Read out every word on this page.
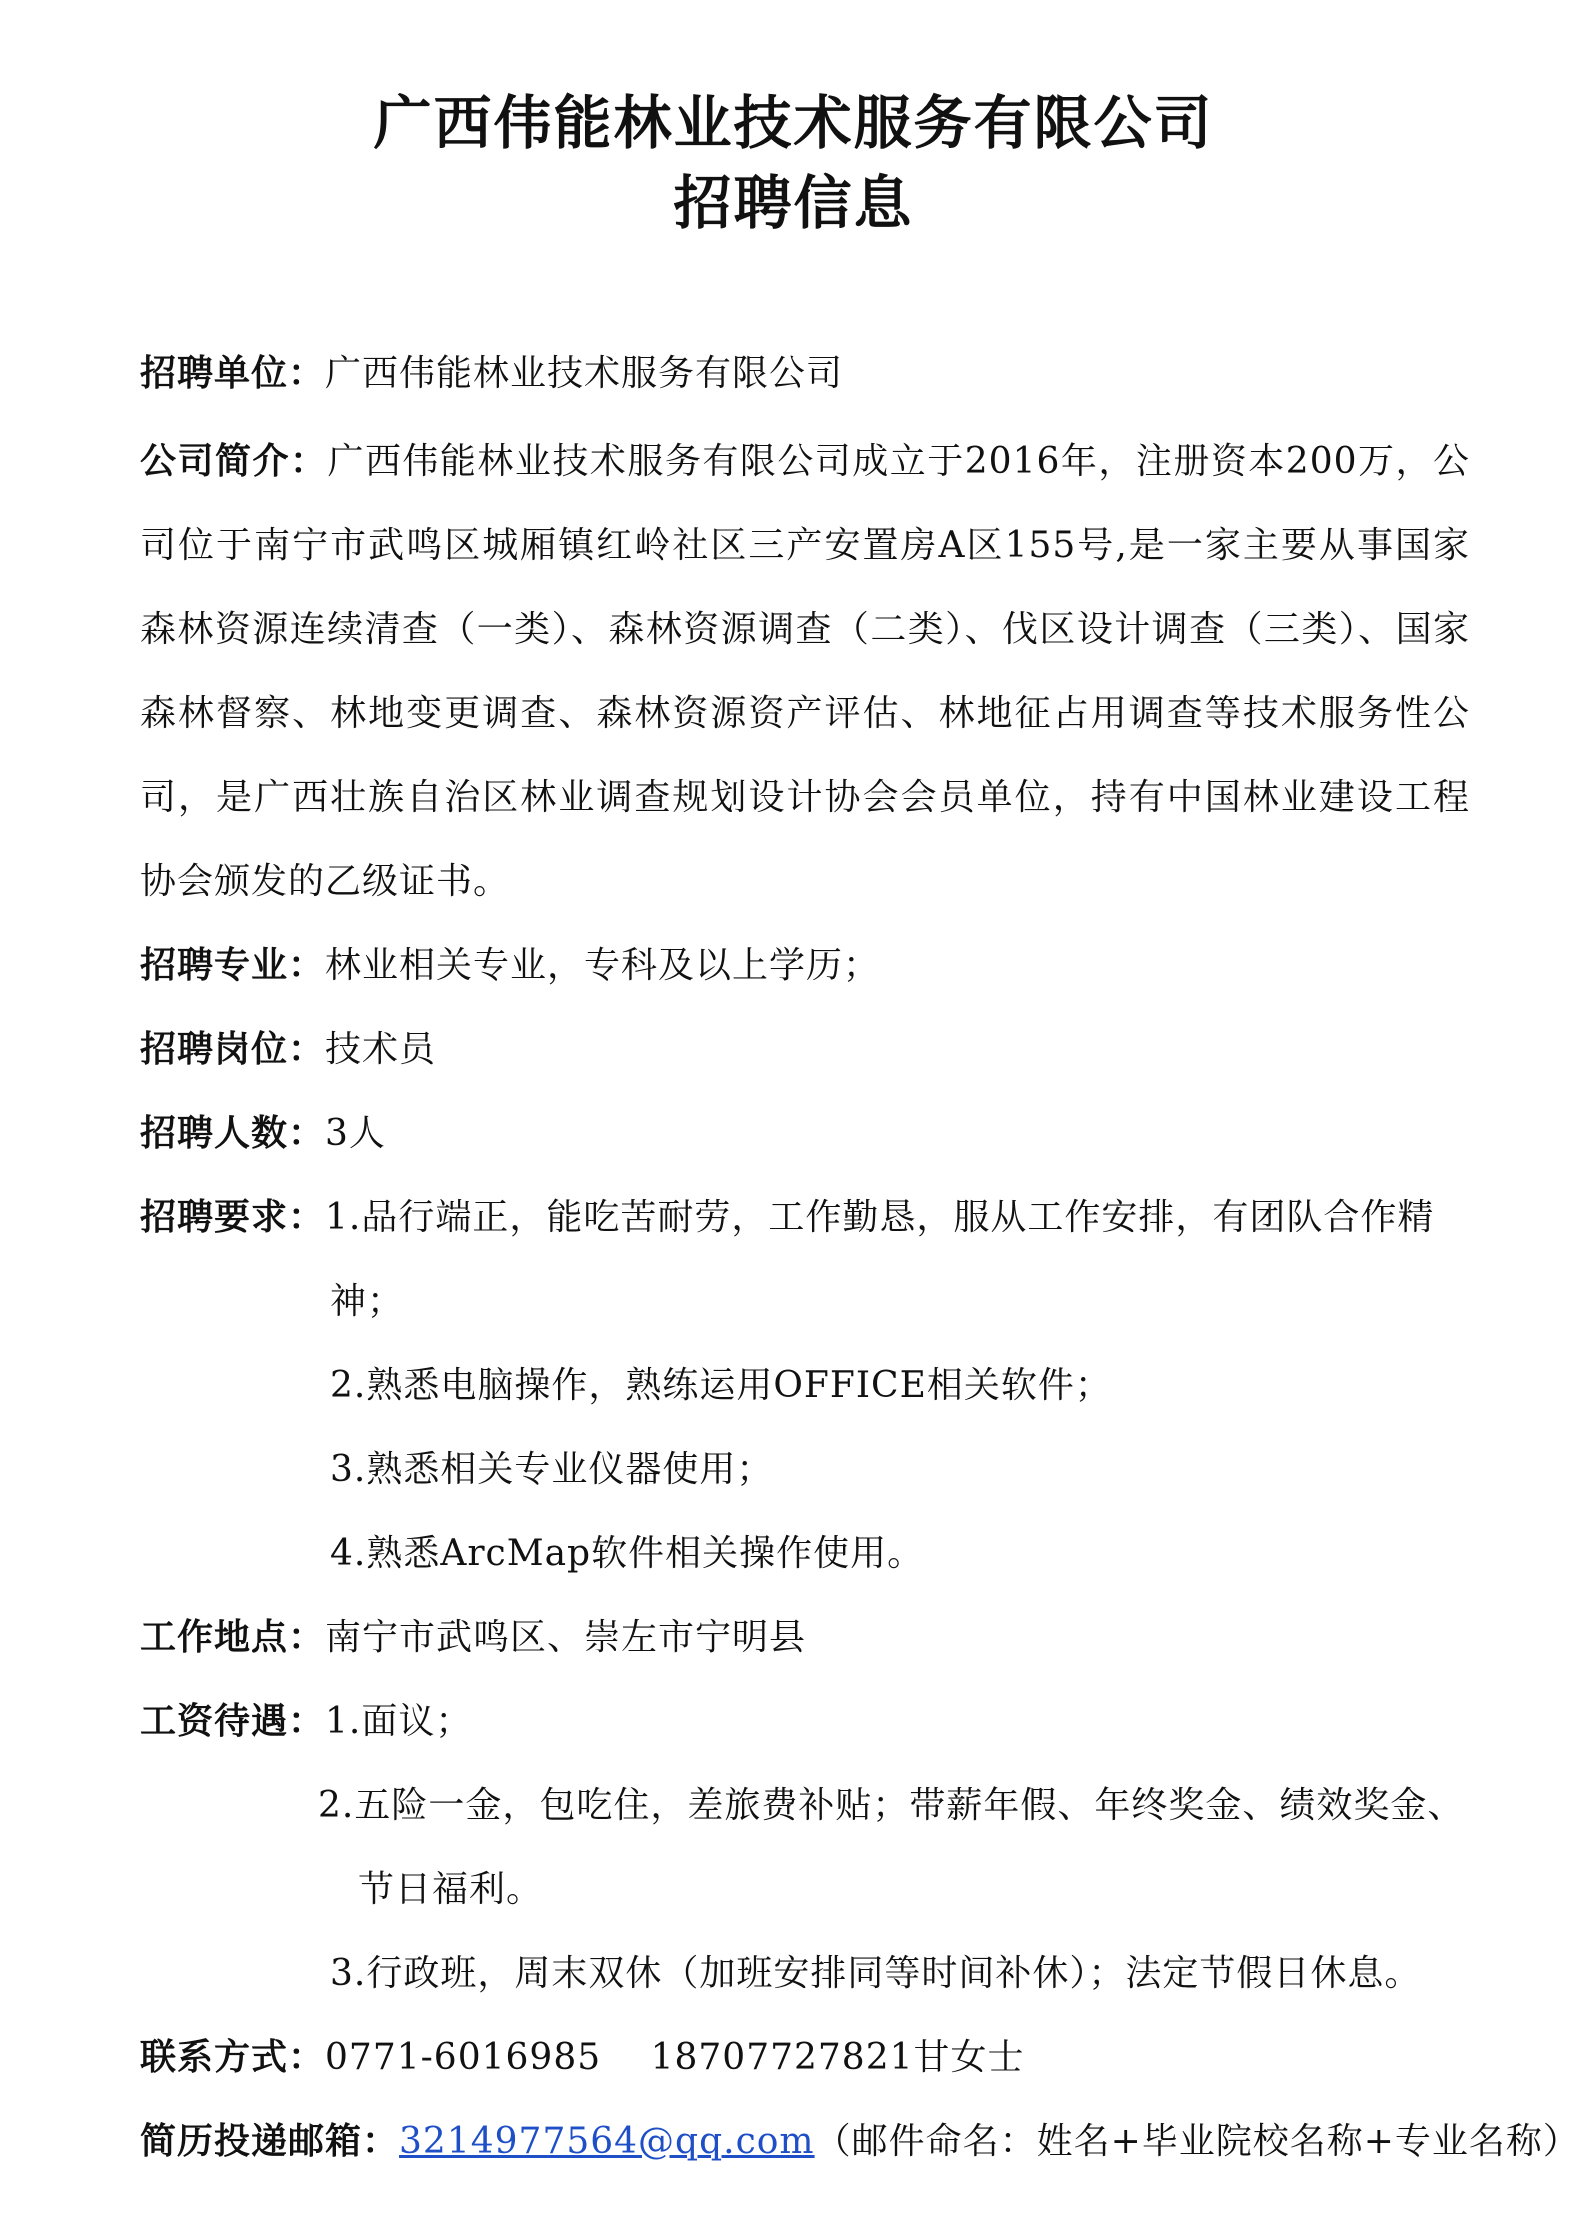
广西伟能林业技术服务有限公司
招聘信息
招聘单位：广西伟能林业技术服务有限公司

公司简介：广西伟能林业技术服务有限公司成立于2016年，注册资本200万，公司位于南宁市武鸣区城厢镇红岭社区三产安置房A区155号,是一家主要从事国家森林资源连续清查（一类）、森林资源调查（二类）、伐区设计调查（三类）、国家森林督察、林地变更调查、森林资源资产评估、林地征占用调查等技术服务性公司，是广西壮族自治区林业调查规划设计协会会员单位，持有中国林业建设工程协会颁发的乙级证书。

招聘专业：林业相关专业，专科及以上学历；
招聘岗位：技术员
招聘人数：3人
招聘要求：1.品行端正，能吃苦耐劳，工作勤恳，服从工作安排，有团队合作精
神；
2.熟悉电脑操作，熟练运用OFFICE相关软件；
3.熟悉相关专业仪器使用；
4.熟悉ArcMap软件相关操作使用。
工作地点：南宁市武鸣区、崇左市宁明县
工资待遇：1.面议；
2.五险一金，包吃住，差旅费补贴；带薪年假、年终奖金、绩效奖金、
节日福利。
3.行政班，周末双休（加班安排同等时间补休）；法定节假日休息。
联系方式：0771-6016985　 18707727821甘女士
简历投递邮箱：3214977564@qq.com（邮件命名：姓名+毕业院校名称+专业名称）
